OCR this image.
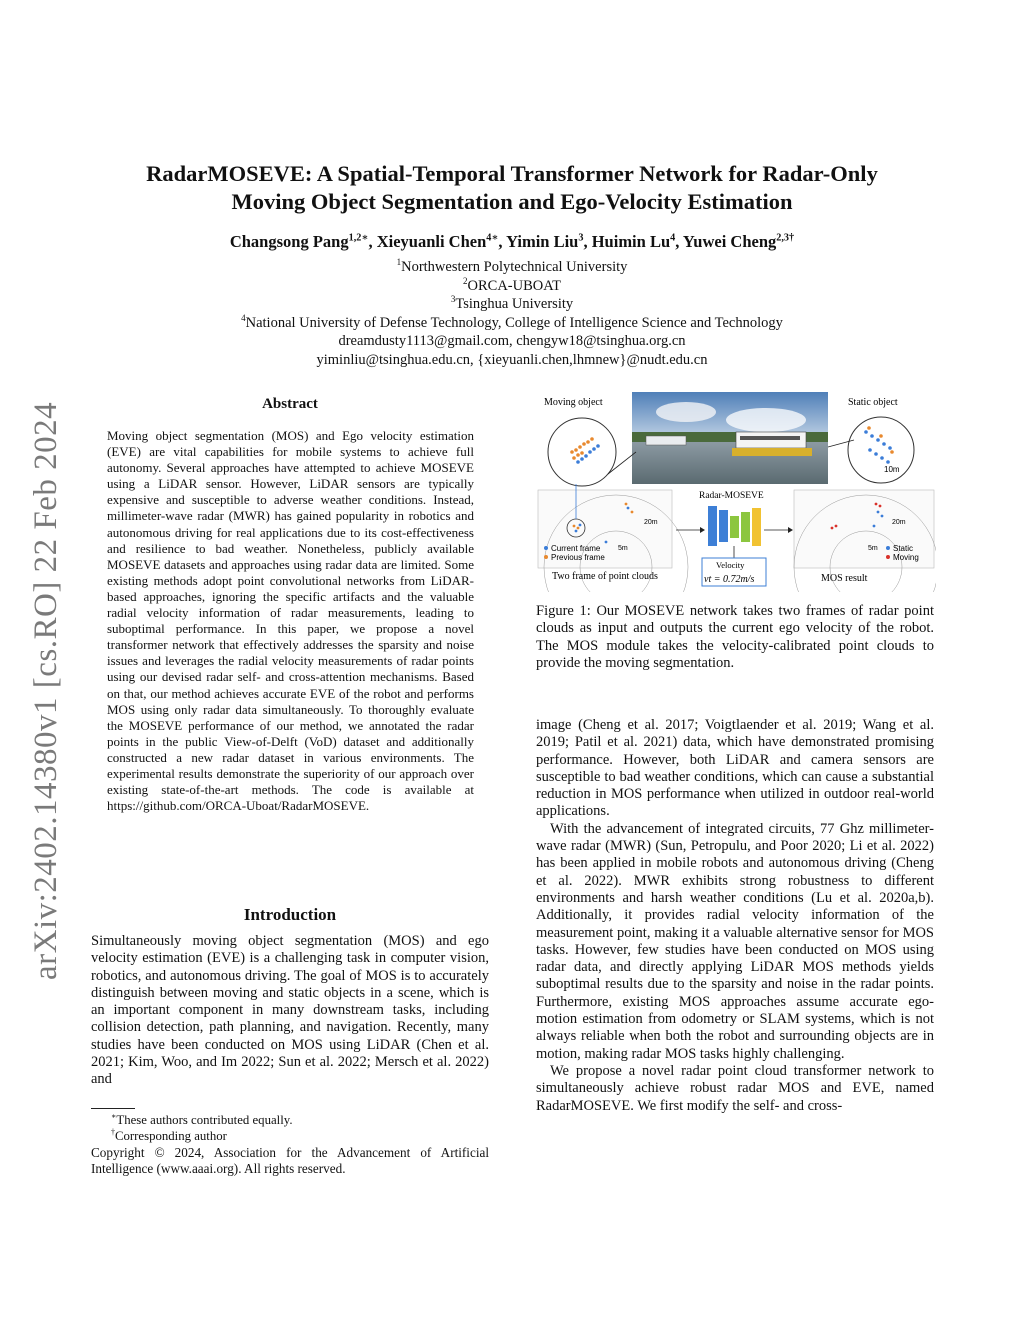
arXiv:2402.14380v1 [cs.RO] 22 Feb 2024
RadarMOSEVE: A Spatial-Temporal Transformer Network for Radar-Only
Moving Object Segmentation and Ego-Velocity Estimation
Changsong Pang$^{1,2∗}$, Xieyuanli Chen$^{4∗}$, Yimin Liu$^3$, Huimin Lu$^4$, Yuwei Cheng$^{2,3\dagger}$
$^1$Northwestern Polytechnical University
$^2$ORCA-UBOAT
$^3$Tsinghua University
$^4$National University of Defense Technology, College of Intelligence Science and Technology
dreamdusty1113@gmail.com, chengyw18@tsinghua.org.cn
yiminliu@tsinghua.edu.cn, {xieyuanli.chen,lhmnew}@nudt.edu.cn
Abstract
Moving object segmentation (MOS) and Ego velocity estimation (EVE) are vital capabilities for mobile systems to achieve full autonomy. Several approaches have attempted to achieve MOSEVE using a LiDAR sensor. However, LiDAR sensors are typically expensive and susceptible to adverse weather conditions. Instead, millimeter-wave radar (MWR) has gained popularity in robotics and autonomous driving for real applications due to its cost-effectiveness and resilience to bad weather. Nonetheless, publicly available MOSEVE datasets and approaches using radar data are limited. Some existing methods adopt point convolutional networks from LiDAR-based approaches, ignoring the specific artifacts and the valuable radial velocity information of radar measurements, leading to suboptimal performance. In this paper, we propose a novel transformer network that effectively addresses the sparsity and noise issues and leverages the radial velocity measurements of radar points using our devised radar self- and cross-attention mechanisms. Based on that, our method achieves accurate EVE of the robot and performs MOS using only radar data simultaneously. To thoroughly evaluate the MOSEVE performance of our method, we annotated the radar points in the public View-of-Delft (VoD) dataset and additionally constructed a new radar dataset in various environments. The experimental results demonstrate the superiority of our approach over existing state-of-the-art methods. The code is available at https://github.com/ORCA-Uboat/RadarMOSEVE.
Introduction
Simultaneously moving object segmentation (MOS) and ego velocity estimation (EVE) is a challenging task in computer vision, robotics, and autonomous driving. The goal of MOS is to accurately distinguish between moving and static objects in a scene, which is an important component in many downstream tasks, including collision detection, path planning, and navigation. Recently, many studies have been conducted on MOS using LiDAR (Chen et al. 2021; Kim, Woo, and Im 2022; Sun et al. 2022; Mersch et al. 2022) and
∗These authors contributed equally.
†Corresponding author
Copyright © 2024, Association for the Advancement of Artificial Intelligence (www.aaai.org). All rights reserved.
Moving object	Static object
10m
20m
5m
Current frame
Previous frame
Two frame of point clouds
Radar-MOSEVE
Velocity
vt = 0.72m/s
20m
5m Static
Moving
MOS result
Figure 1: Our MOSEVE network takes two frames of radar point clouds as input and outputs the current ego velocity of the robot. The MOS module takes the velocity-calibrated point clouds to provide the moving segmentation.

image (Cheng et al. 2017; Voigtlaender et al. 2019; Wang et al. 2019; Patil et al. 2021) data, which have demonstrated promising performance. However, both LiDAR and camera sensors are susceptible to bad weather conditions, which can cause a substantial reduction in MOS performance when utilized in outdoor real-world applications.

With the advancement of integrated circuits, 77 Ghz millimeter-wave radar (MWR) (Sun, Petropulu, and Poor 2020; Li et al. 2022) has been applied in mobile robots and autonomous driving (Cheng et al. 2022). MWR exhibits strong robustness to different environments and harsh weather conditions (Lu et al. 2020a,b). Additionally, it provides radial velocity information of the measurement point, making it a valuable alternative sensor for MOS tasks. However, few studies have been conducted on MOS using radar data, and directly applying LiDAR MOS methods yields suboptimal results due to the sparsity and noise in the radar points. Furthermore, existing MOS approaches assume accurate ego-motion estimation from odometry or SLAM systems, which is not always reliable when both the robot and surrounding objects are in motion, making radar MOS tasks highly challenging.

We propose a novel radar point cloud transformer network to simultaneously achieve robust radar MOS and EVE, named RadarMOSEVE. We first modify the self- and cross-
